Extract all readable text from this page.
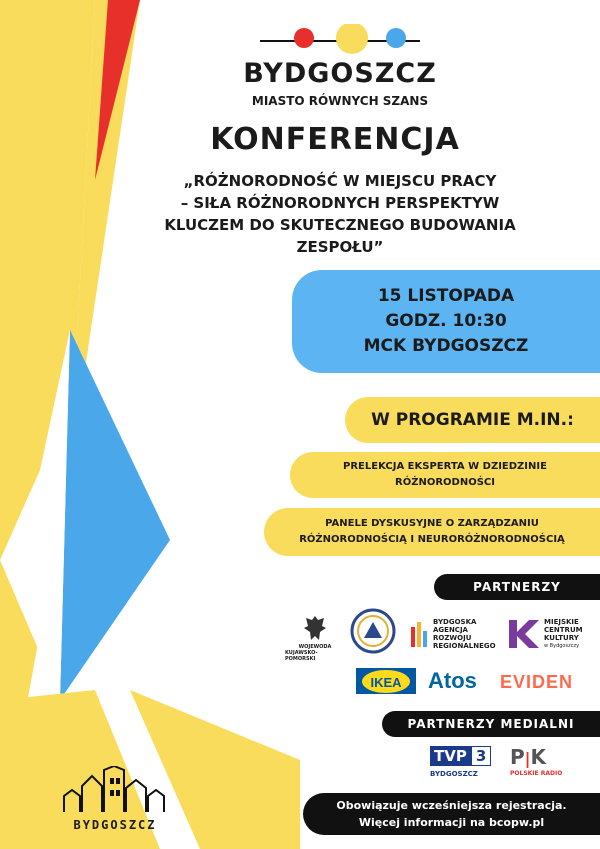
BYDGOSZCZ
MIASTO RÓWNYCH SZANS
KONFERENCJA
„RÓŻNORODNOŚĆ W MIEJSCU PRACY
– SIŁA RÓŻNORODNYCH PERSPEKTYW
KLUCZEM DO SKUTECZNEGO BUDOWANIA
ZESPOŁU”
15 LISTOPADA
GODZ. 10:30
MCK BYDGOSZCZ
W PROGRAMIE M.IN.:
PRELEKCJA EKSPERTA W DZIEDZINIE
RÓŻNORODNOŚCI
PANELE DYSKUSYJNE O ZARZĄDZANIU
RÓŻNORODNOŚCIĄ I NEURORÓŻNORODNOŚCIĄ
PARTNERZY
WOJEWODA
KUJAWSKO-POMORSKI
BYDGOSKA
AGENCJA
ROZWOJU
REGIONALNEGO
MIEJSKIE
CENTRUM
KULTURY
w Bydgoszczy
IKEA	Atos EVIDEN
PARTNERZY MEDIALNI
TVP 3
BYDGOSZCZ
P|K
POLSKIE RADIO
Obowiązuje wcześniejsza rejestracja.
Więcej informacji na bcopw.pl
BYDGOSZCZ
